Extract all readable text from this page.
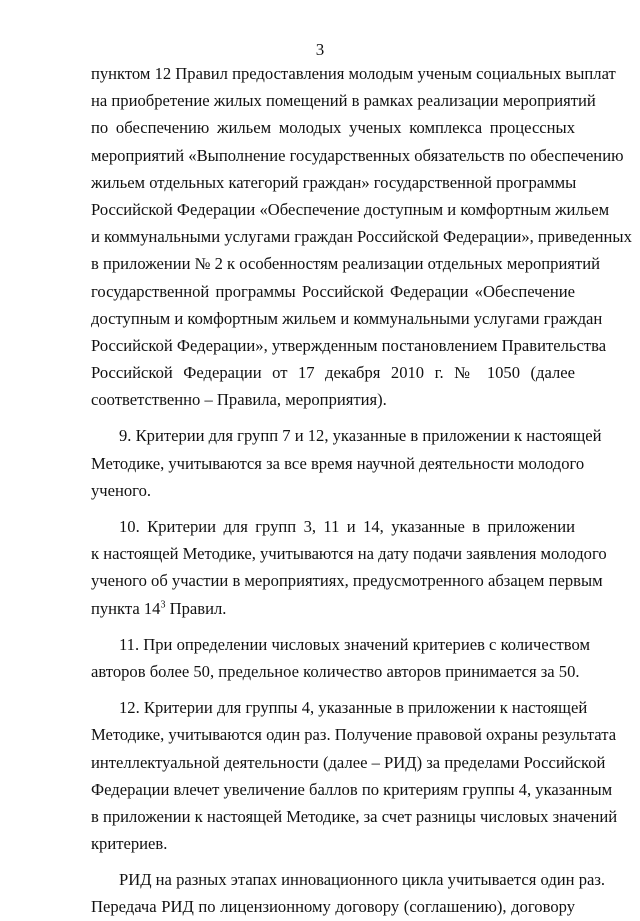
3
пунктом 12 Правил предоставления молодым ученым социальных выплат
на приобретение жилых помещений в рамках реализации мероприятий
по обеспечению жильем молодых ученых комплекса процессных
мероприятий «Выполнение государственных обязательств по обеспечению
жильем отдельных категорий граждан» государственной программы
Российской Федерации «Обеспечение доступным и комфортным жильем
и коммунальными услугами граждан Российской Федерации», приведенных
в приложении № 2 к особенностям реализации отдельных мероприятий
государственной программы Российской Федерации «Обеспечение
доступным и комфортным жильем и коммунальными услугами граждан
Российской Федерации», утвержденным постановлением Правительства
Российской Федерации от 17 декабря 2010 г. № 1050 (далее
соответственно – Правила, мероприятия).
9. Критерии для групп 7 и 12, указанные в приложении к настоящей
Методике, учитываются за все время научной деятельности молодого
ученого.
10. Критерии для групп 3, 11 и 14, указанные в приложении
к настоящей Методике, учитываются на дату подачи заявления молодого
ученого об участии в мероприятиях, предусмотренного абзацем первым
пункта $14^3$ Правил.
11. При определении числовых значений критериев с количеством
авторов более 50, предельное количество авторов принимается за 50.
12. Критерии для группы 4, указанные в приложении к настоящей
Методике, учитываются один раз. Получение правовой охраны результата
интеллектуальной деятельности (далее – РИД) за пределами Российской
Федерации влечет увеличение баллов по критериям группы 4, указанным
в приложении к настоящей Методике, за счет разницы числовых значений
критериев.
РИД на разных этапах инновационного цикла учитывается один раз.
Передача РИД по лицензионному договору (соглашению), договору
